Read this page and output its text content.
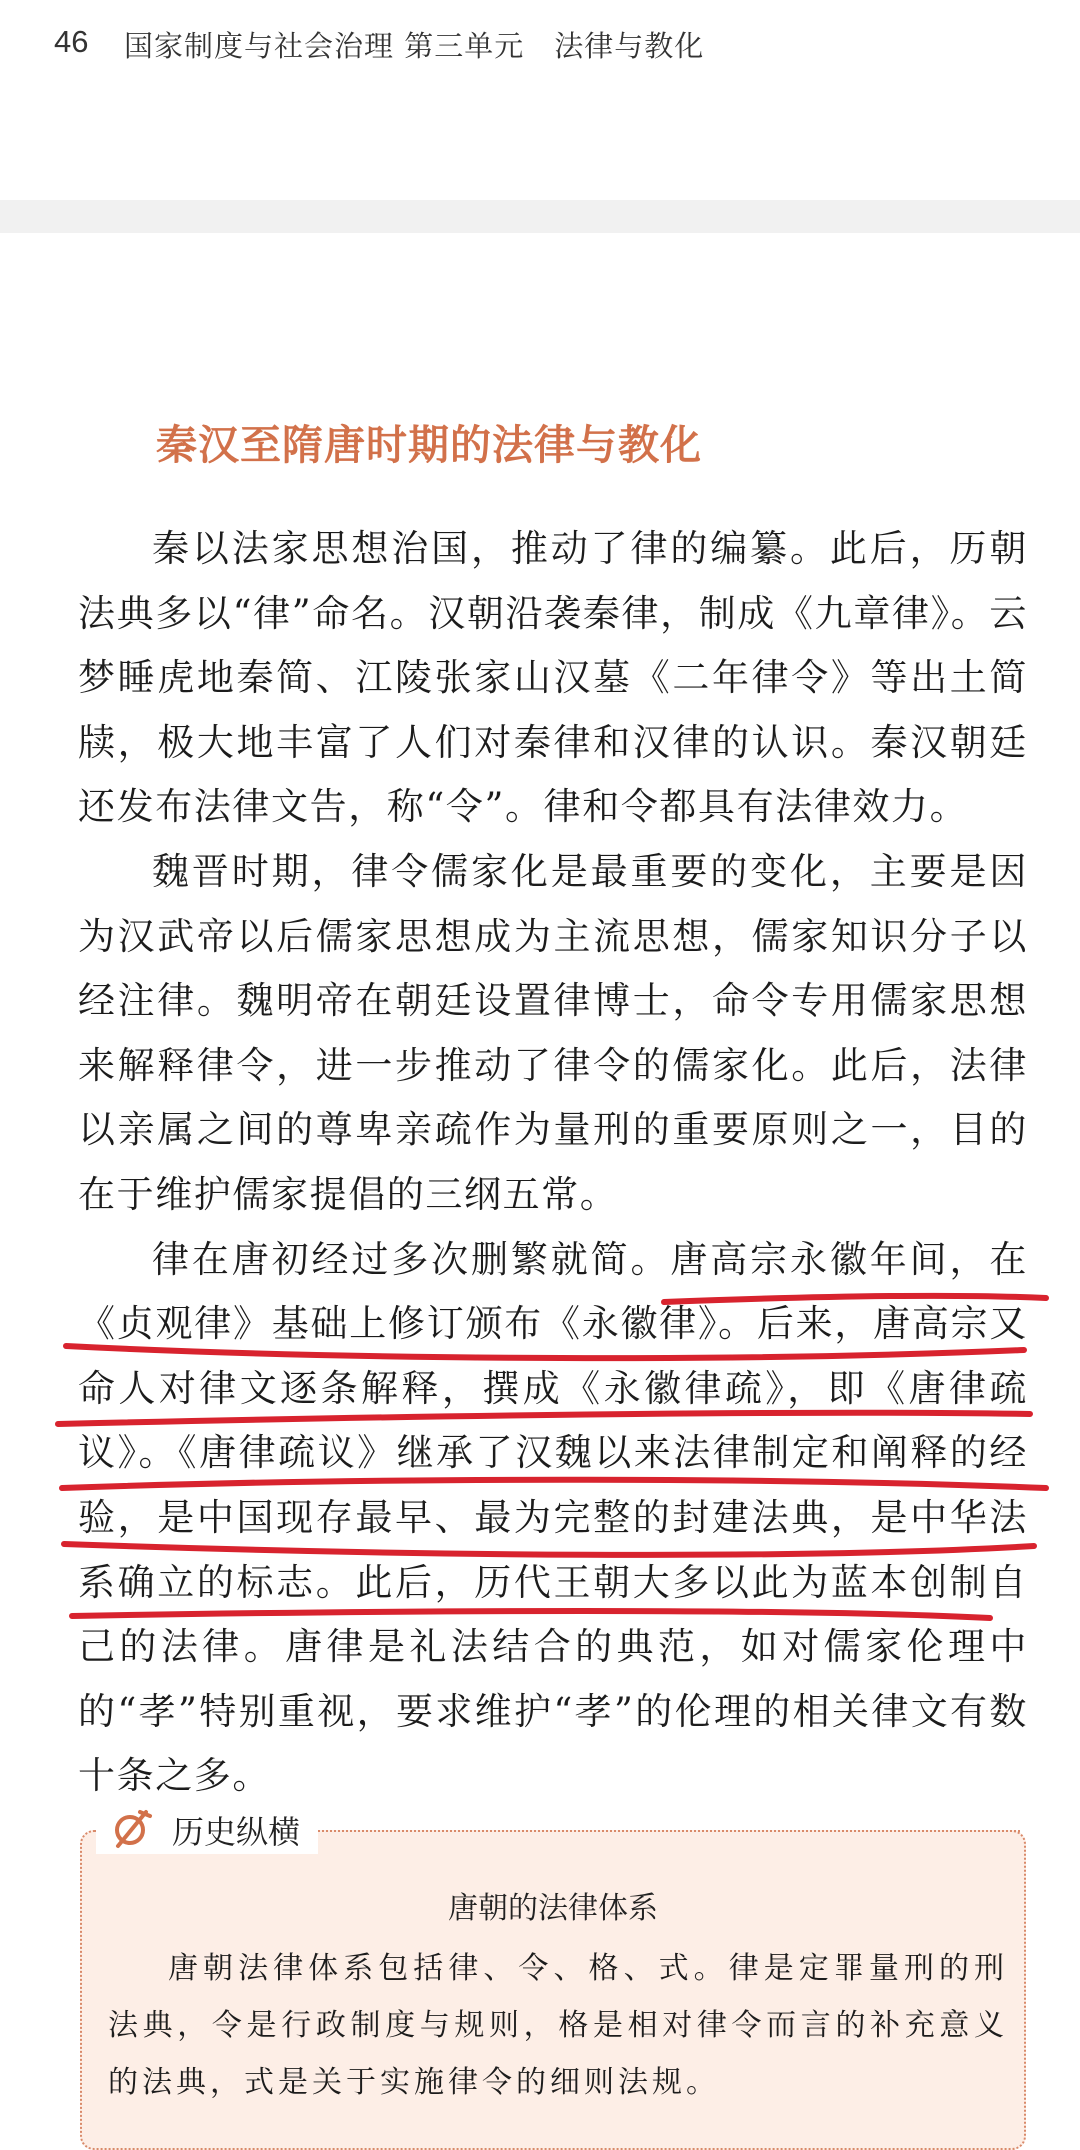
46 国家制度与社会治理 第三单元　法律与教化
秦汉至隋唐时期的法律与教化

秦以法家思想治国，推动了律的编纂。此后，历朝法典多以“律”命名。汉朝沿袭秦律，制成《九章律》。云梦睡虎地秦简、江陵张家山汉墓《二年律令》等出土简牍，极大地丰富了人们对秦律和汉律的认识。秦汉朝廷还发布法律文告，称“令”。律和令都具有法律效力。

魏晋时期，律令儒家化是最重要的变化，主要是因为汉武帝以后儒家思想成为主流思想，儒家知识分子以经注律。魏明帝在朝廷设置律博士，命令专用儒家思想来解释律令，进一步推动了律令的儒家化。此后，法律以亲属之间的尊卑亲疏作为量刑的重要原则之一，目的在于维护儒家提倡的三纲五常。

律在唐初经过多次删繁就简。唐高宗永徽年间，在《贞观律》基础上修订颁布《永徽律》。后来，唐高宗又命人对律文逐条解释，撰成《永徽律疏》，即《唐律疏议》。《唐律疏议》继承了汉魏以来法律制定和阐释的经验，是中国现存最早、最为完整的封建法典，是中华法系确立的标志。此后，历代王朝大多以此为蓝本创制自己的法律。唐律是礼法结合的典范，如对儒家伦理中的“孝”特别重视，要求维护“孝”的伦理的相关律文有数十条之多。

历史纵横
唐朝的法律体系

唐朝法律体系包括律、令、格、式。律是定罪量刑的刑法典，令是行政制度与规则，格是相对律令而言的补充意义的法典，式是关于实施律令的细则法规。
